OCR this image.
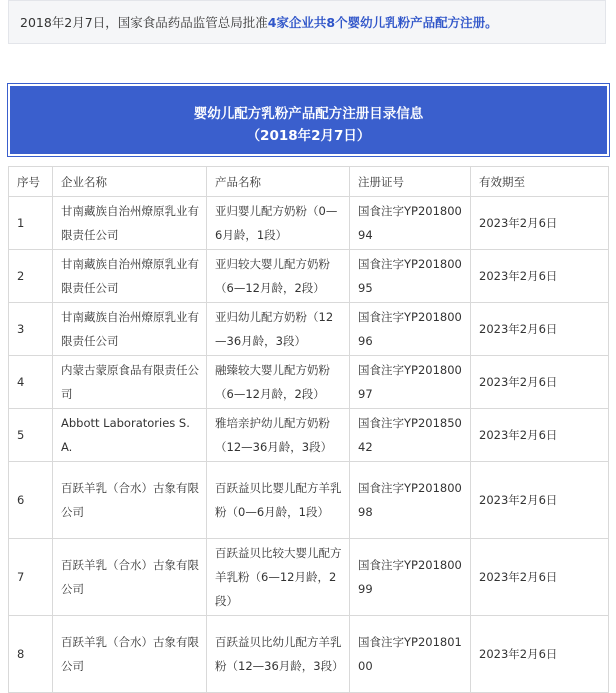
2018年2月7日，国家食品药品监管总局批准4家企业共8个婴幼儿乳粉产品配方注册。
婴幼儿配方乳粉产品配方注册目录信息
（2018年2月7日）
序号	企业名称	产品名称	注册证号	有效期至
1	甘南藏族自治州燎原乳业有限责任公司	亚归婴儿配方奶粉（0—6月龄，1段）	国食注字YP20180094	2023年2月6日
2	甘南藏族自治州燎原乳业有限责任公司	亚归较大婴儿配方奶粉（6—12月龄，2段）	国食注字YP20180095	2023年2月6日
3	甘南藏族自治州燎原乳业有限责任公司	亚归幼儿配方奶粉（12—36月龄，3段）	国食注字YP20180096	2023年2月6日
4	内蒙古蒙原食品有限责任公司	融臻较大婴儿配方奶粉（6—12月龄，2段）	国食注字YP20180097	2023年2月6日
5	Abbott Laboratories S.A.	雅培亲护幼儿配方奶粉（12—36月龄，3段）	国食注字YP20185042	2023年2月6日
6	百跃羊乳（合水）古象有限公司	百跃益贝比婴儿配方羊乳粉（0—6月龄，1段）	国食注字YP20180098	2023年2月6日
7	百跃羊乳（合水）古象有限公司	百跃益贝比较大婴儿配方羊乳粉（6—12月龄，2段）	国食注字YP20180099	2023年2月6日
8	百跃羊乳（合水）古象有限公司	百跃益贝比幼儿配方羊乳粉（12—36月龄，3段）	国食注字YP20180100	2023年2月6日
